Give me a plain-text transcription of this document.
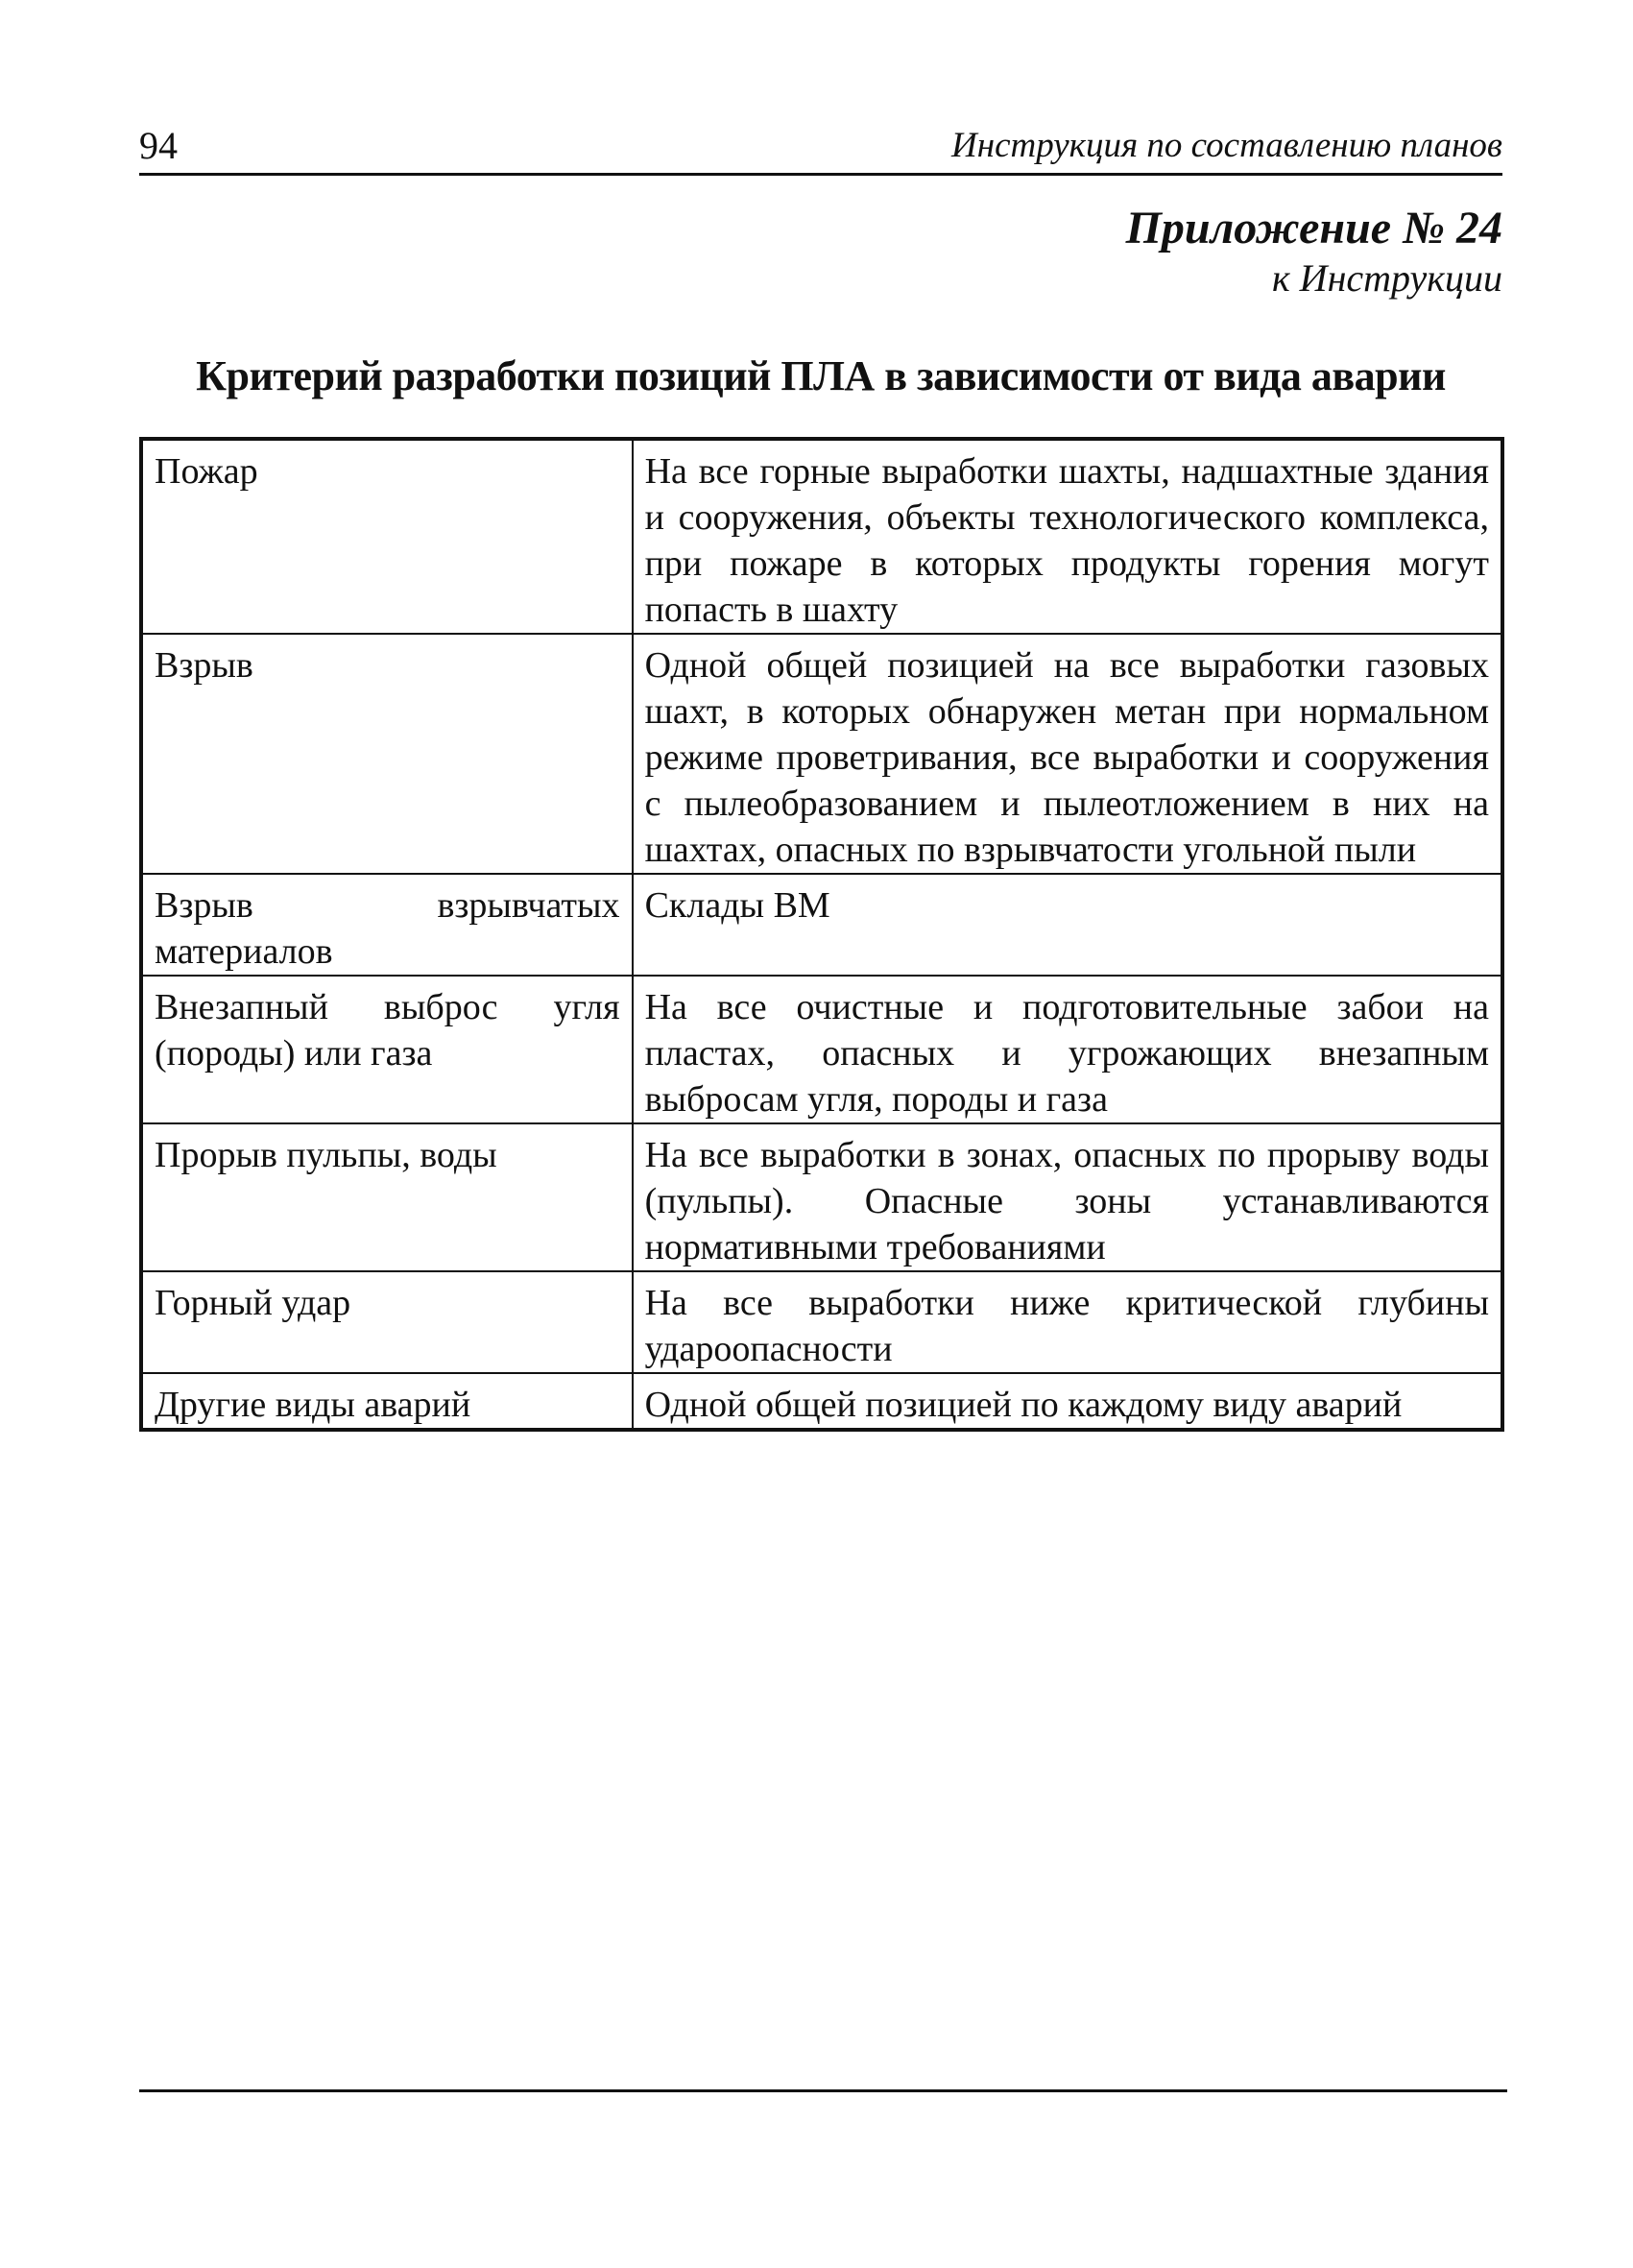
94	Инструкция по составлению планов
Приложение № 24
к Инструкции
Критерий разработки позиций ПЛА в зависимости от вида аварии
Пожар	На все горные выработки шахты, надшахтные здания и сооружения, объекты технологического комплекса, при пожаре в которых продукты горения могут попасть в шахту
Взрыв	Одной общей позицией на все выработки газовых шахт, в которых обнаружен метан при нормальном режиме проветривания, все выработки и сооружения с пылеобразованием и пылеотложением в них на шахтах, опасных по взрывчатости угольной пыли
Взрыв взрывчатых материалов	Склады ВМ
Внезапный выброс угля (породы) или газа	На все очистные и подготовительные забои на пластах, опасных и угрожающих внезапным выбросам угля, породы и газа
Прорыв пульпы, воды	На все выработки в зонах, опасных по прорыву воды (пульпы). Опасные зоны устанавливаются нормативными требованиями
Горный удар	На все выработки ниже критической глубины удароопасности
Другие виды аварий	Одной общей позицией по каждому виду аварий
